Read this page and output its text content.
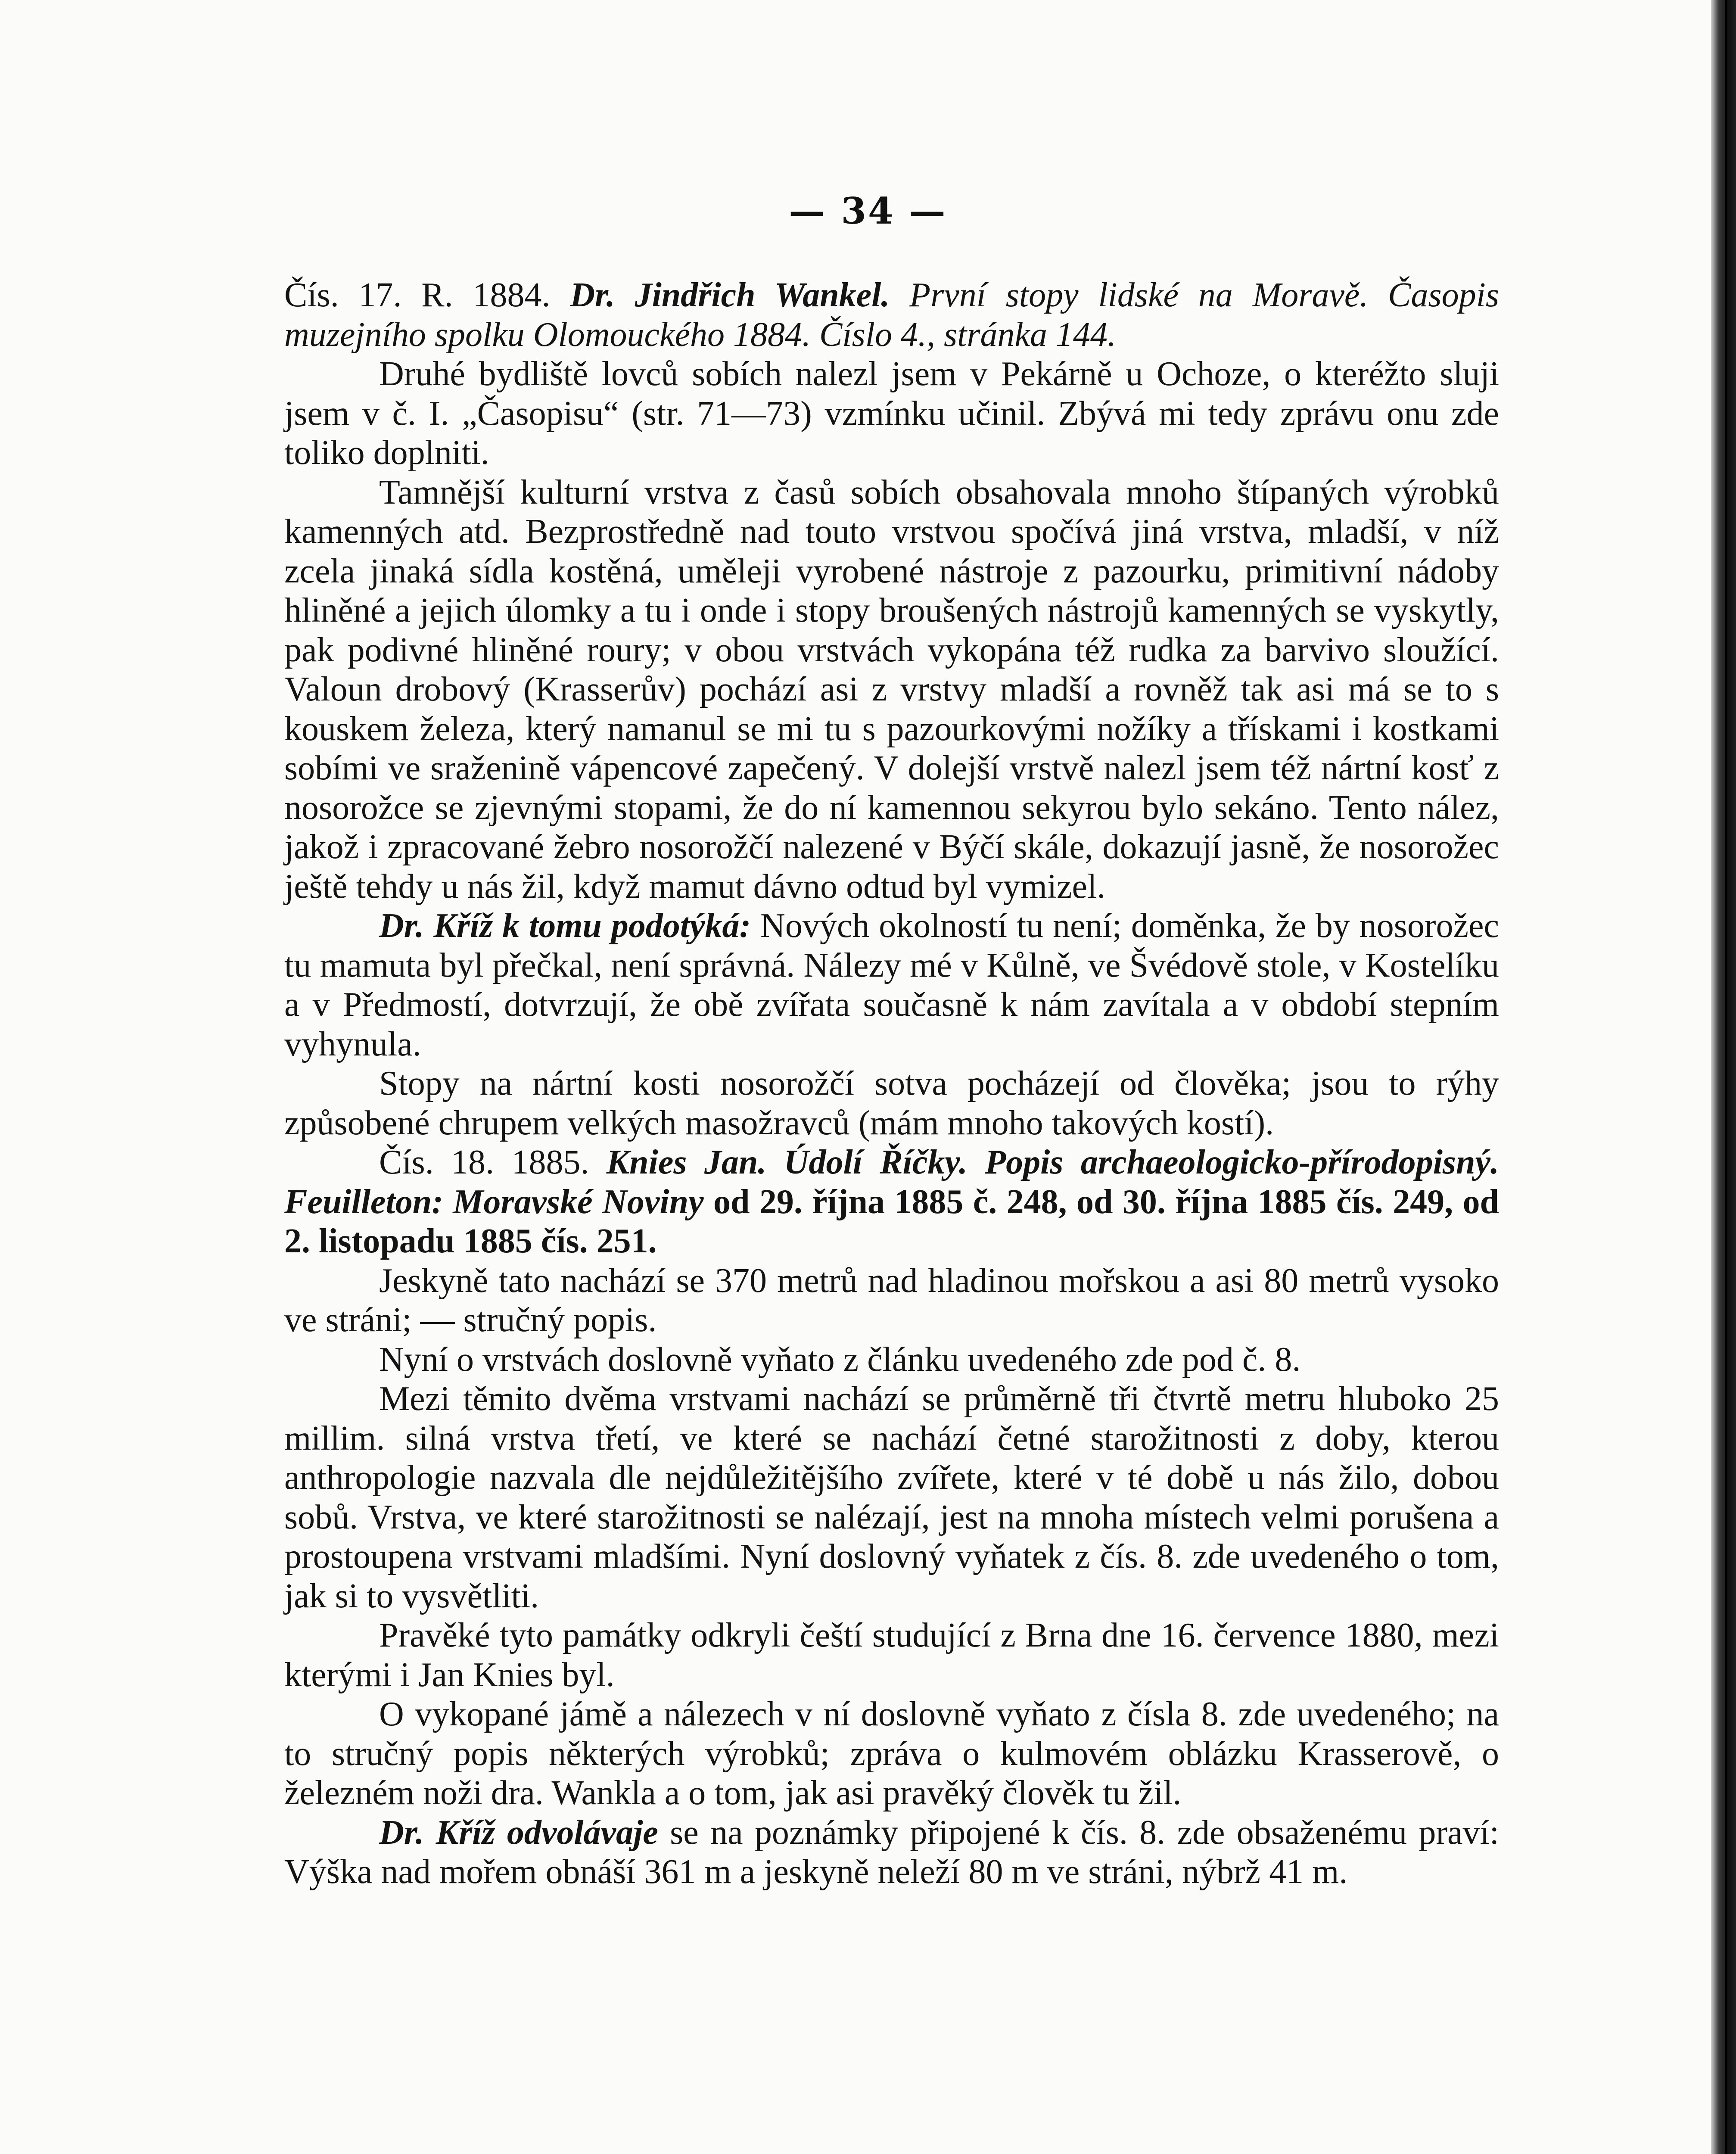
— 34 —

Čís. 17. R. 1884. Dr. Jindřich Wankel. První stopy lidské na Moravě. Časopis muzejního spolku Olomouckého 1884. Číslo 4., stránka 144.

Druhé bydliště lovců sobích nalezl jsem v Pekárně u Ochoze, o kteréžto sluji jsem v č. I. „Časopisu“ (str. 71—73) vzmínku učinil. Zbývá mi tedy zprávu onu zde toliko doplniti.

Tamnější kulturní vrstva z časů sobích obsahovala mnoho štípaných výrobků kamenných atd. Bezprostředně nad touto vrstvou spočívá jiná vrstva, mladší, v níž zcela jinaká sídla kostěná, uměleji vyrobené nástroje z pazourku, primitivní nádoby hliněné a jejich úlomky a tu i onde i stopy broušených nástrojů kamenných se vyskytly, pak podivné hliněné roury; v obou vrstvách vykopána též rudka za barvivo sloužící. Valoun drobový (Krasserův) pochází asi z vrstvy mladší a rovněž tak asi má se to s kouskem železa, který namanul se mi tu s pazourkovými nožíky a třískami i kostkami sobími ve sraženině vápencové zapečený. V dolejší vrstvě nalezl jsem též nártní kosť z nosorožce se zjevnými stopami, že do ní kamennou sekyrou bylo sekáno. Tento nález, jakož i zpracované žebro nosorožčí nalezené v Býčí skále, dokazují jasně, že nosorožec ještě tehdy u nás žil, když mamut dávno odtud byl vymizel.

Dr. Kříž k tomu podotýká: Nových okolností tu není; doměnka, že by nosorožec tu mamuta byl přečkal, není správná. Nálezy mé v Kůlně, ve Švédově stole, v Kostelíku a v Předmostí, dotvrzují, že obě zvířata současně k nám zavítala a v období stepním vyhynula.

Stopy na nártní kosti nosorožčí sotva pocházejí od člověka; jsou to rýhy způsobené chrupem velkých masožravců (mám mnoho takových kostí).

Čís. 18. 1885. Knies Jan. Údolí Říčky. Popis archaeologicko-přírodopisný. Feuilleton: Moravské Noviny od 29. října 1885 č. 248, od 30. října 1885 čís. 249, od 2. listopadu 1885 čís. 251.

Jeskyně tato nachází se 370 metrů nad hladinou mořskou a asi 80 metrů vysoko ve stráni; — stručný popis.

Nyní o vrstvách doslovně vyňato z článku uvedeného zde pod č. 8.

Mezi těmito dvěma vrstvami nachází se průměrně tři čtvrtě metru hluboko 25 millim. silná vrstva třetí, ve které se nachází četné starožitnosti z doby, kterou anthropologie nazvala dle nejdůležitějšího zvířete, které v té době u nás žilo, dobou sobů. Vrstva, ve které starožitnosti se nalézají, jest na mnoha místech velmi porušena a prostoupena vrstvami mladšími. Nyní doslovný vyňatek z čís. 8. zde uvedeného o tom, jak si to vysvětliti.

Pravěké tyto památky odkryli čeští studující z Brna dne 16. července 1880, mezi kterými i Jan Knies byl.

O vykopané jámě a nálezech v ní doslovně vyňato z čísla 8. zde uvedeného; na to stručný popis některých výrobků; zpráva o kulmovém oblázku Krasserově, o železném noži dra. Wankla a o tom, jak asi pravěký člověk tu žil.

Dr. Kříž odvolávaje se na poznámky připojené k čís. 8. zde obsaženému praví: Výška nad mořem obnáší 361 m a jeskyně neleží 80 m ve stráni, nýbrž 41 m.
